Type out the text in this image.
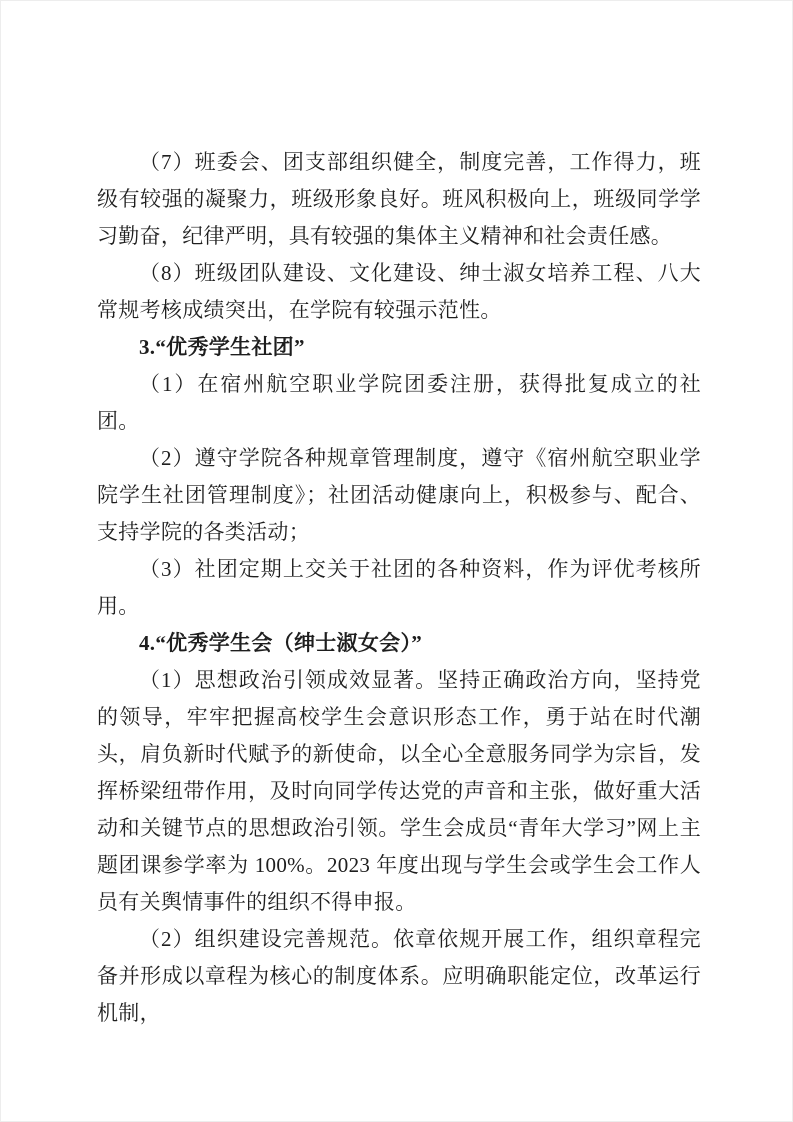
（7）班委会、团支部组织健全，制度完善，工作得力，班级有较强的凝聚力，班级形象良好。班风积极向上，班级同学学习勤奋，纪律严明，具有较强的集体主义精神和社会责任感。

（8）班级团队建设、文化建设、绅士淑女培养工程、八大常规考核成绩突出，在学院有较强示范性。

3.“优秀学生社团”

（1）在宿州航空职业学院团委注册，获得批复成立的社团。

（2）遵守学院各种规章管理制度，遵守《宿州航空职业学院学生社团管理制度》；社团活动健康向上，积极参与、配合、支持学院的各类活动；

（3）社团定期上交关于社团的各种资料，作为评优考核所用。

4.“优秀学生会（绅士淑女会）”

（1）思想政治引领成效显著。坚持正确政治方向，坚持党的领导，牢牢把握高校学生会意识形态工作，勇于站在时代潮头，肩负新时代赋予的新使命，以全心全意服务同学为宗旨，发挥桥梁纽带作用，及时向同学传达党的声音和主张，做好重大活动和关键节点的思想政治引领。学生会成员“青年大学习”网上主题团课参学率为 100%。2023 年度出现与学生会或学生会工作人员有关舆情事件的组织不得申报。

（2）组织建设完善规范。依章依规开展工作，组织章程完备并形成以章程为核心的制度体系。应明确职能定位，改革运行机制，
